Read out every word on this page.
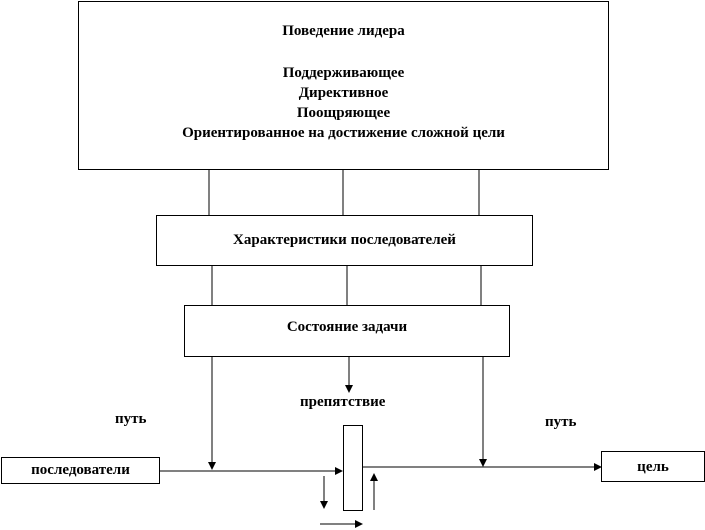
Поведение лидера
Поддерживающее
Директивное
Поощряющее
Ориентированное на достижение сложной цели
Характеристики последователей
Состояние задачи
препятствие
путь	путь
последователи	цель
